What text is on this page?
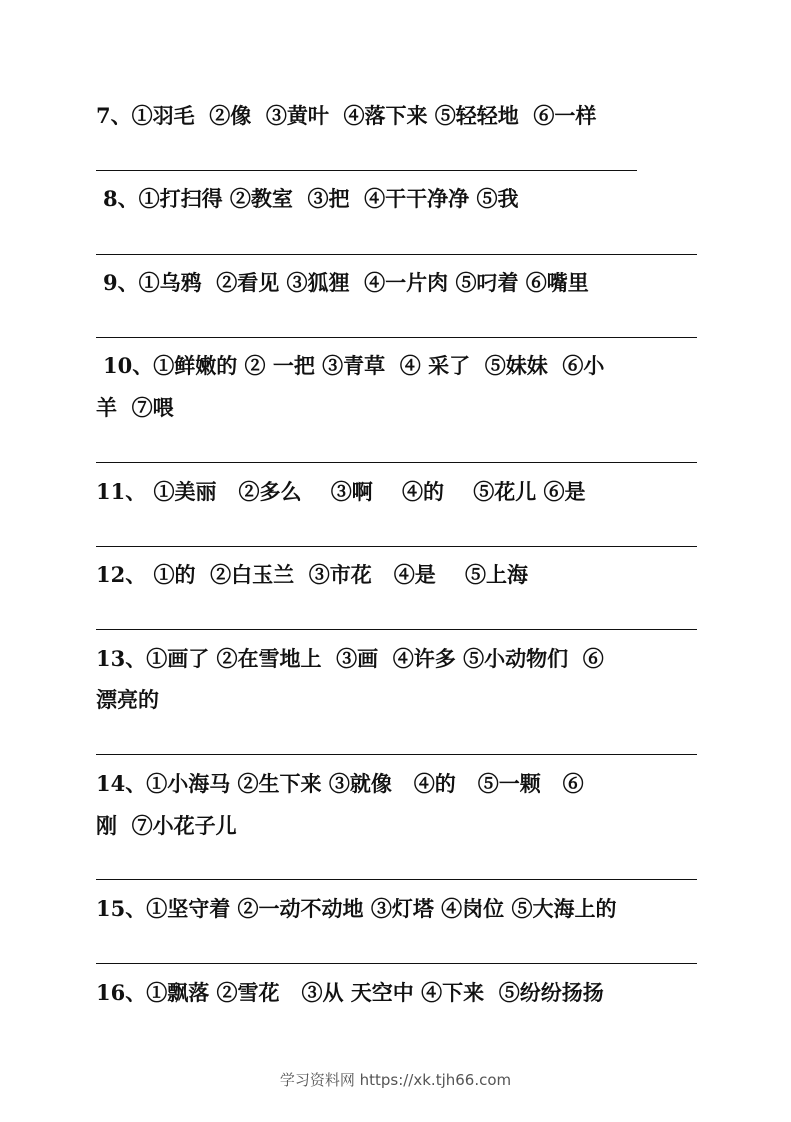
7、①羽毛  ②像  ③黄叶  ④落下来 ⑤轻轻地  ⑥一样
8、①打扫得 ②教室  ③把  ④干干净净 ⑤我
9、①乌鸦  ②看见 ③狐狸  ④一片肉 ⑤叼着 ⑥嘴里
10、①鲜嫩的 ② 一把 ③青草  ④ 采了  ⑤妹妹  ⑥小
羊  ⑦喂
11、 ①美丽   ②多么    ③啊    ④的    ⑤花儿 ⑥是
12、 ①的  ②白玉兰  ③市花   ④是    ⑤上海
13、①画了 ②在雪地上  ③画  ④许多 ⑤小动物们  ⑥
漂亮的
14、①小海马 ②生下来 ③就像   ④的   ⑤一颗   ⑥
刚  ⑦小花子儿
15、①坚守着 ②一动不动地 ③灯塔 ④岗位 ⑤大海上的
16、①飘落 ②雪花   ③从 天空中 ④下来  ⑤纷纷扬扬
学习资料网 https://xk.tjh66.com
